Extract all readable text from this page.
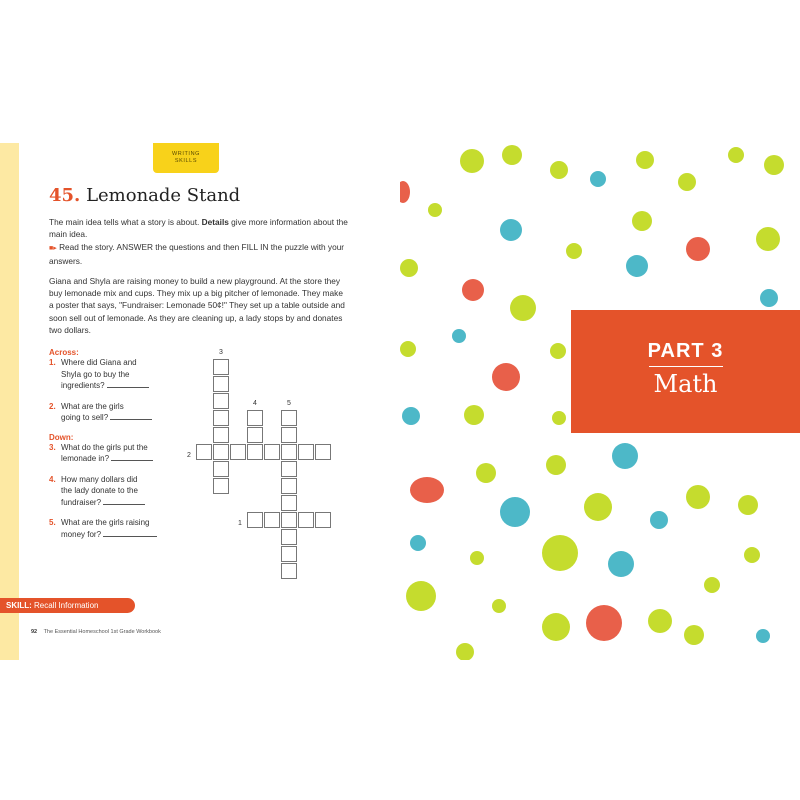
WRITING
SKILLS
45. Lemonade Stand

The main idea tells what a story is about. Details give more information about the main idea.

■▸ Read the story. ANSWER the questions and then FILL IN the puzzle with your answers.

Giana and Shyla are raising money to build a new playground. At the store they buy lemonade mix and cups. They mix up a big pitcher of lemonade. They make a poster that says, "Fundraiser: Lemonade 50¢!" They set up a table outside and soon sell out of lemonade. As they are cleaning up, a lady stops by and donates two dollars.

Across:

1. Where did Giana and
Shyla go to buy the
ingredients?
2. What are the girls
going to sell?

Down:

3. What do the girls put the
lemonade in?
4. How many dollars did
the lady donate to the
fundraiser?
5. What are the girls raising
money for?
3
4	5
2
1
SKILL: Recall Information
92 The Essential Homeschool 1st Grade Workbook
PART 3
Math
